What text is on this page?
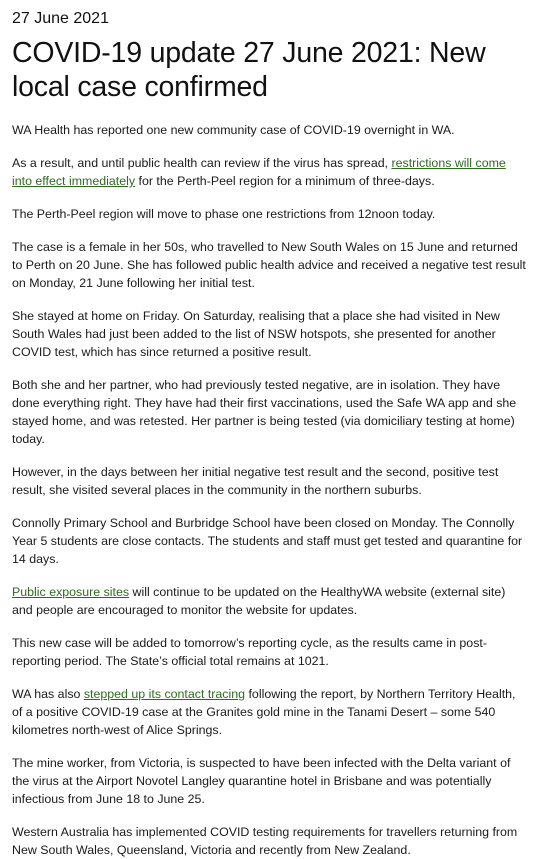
27 June 2021
COVID-19 update 27 June 2021: New local case confirmed

WA Health has reported one new community case of COVID-19 overnight in WA.

As a result, and until public health can review if the virus has spread, restrictions will come into effect immediately for the Perth-Peel region for a minimum of three-days.

The Perth-Peel region will move to phase one restrictions from 12noon today.

The case is a female in her 50s, who travelled to New South Wales on 15 June and returned to Perth on 20 June. She has followed public health advice and received a negative test result on Monday, 21 June following her initial test.

She stayed at home on Friday. On Saturday, realising that a place she had visited in New South Wales had just been added to the list of NSW hotspots, she presented for another COVID test, which has since returned a positive result.

Both she and her partner, who had previously tested negative, are in isolation. They have done everything right. They have had their first vaccinations, used the Safe WA app and she stayed home, and was retested. Her partner is being tested (via domiciliary testing at home) today.

However, in the days between her initial negative test result and the second, positive test result, she visited several places in the community in the northern suburbs.

Connolly Primary School and Burbridge School have been closed on Monday. The Connolly Year 5 students are close contacts. The students and staff must get tested and quarantine for 14 days.

Public exposure sites will continue to be updated on the HealthyWA website (external site) and people are encouraged to monitor the website for updates.

This new case will be added to tomorrow’s reporting cycle, as the results came in post-reporting period. The State’s official total remains at 1021.

WA has also stepped up its contact tracing following the report, by Northern Territory Health, of a positive COVID-19 case at the Granites gold mine in the Tanami Desert – some 540 kilometres north-west of Alice Springs.

The mine worker, from Victoria, is suspected to have been infected with the Delta variant of the virus at the Airport Novotel Langley quarantine hotel in Brisbane and was potentially infectious from June 18 to June 25.

Western Australia has implemented COVID testing requirements for travellers returning from New South Wales, Queensland, Victoria and recently from New Zealand.
